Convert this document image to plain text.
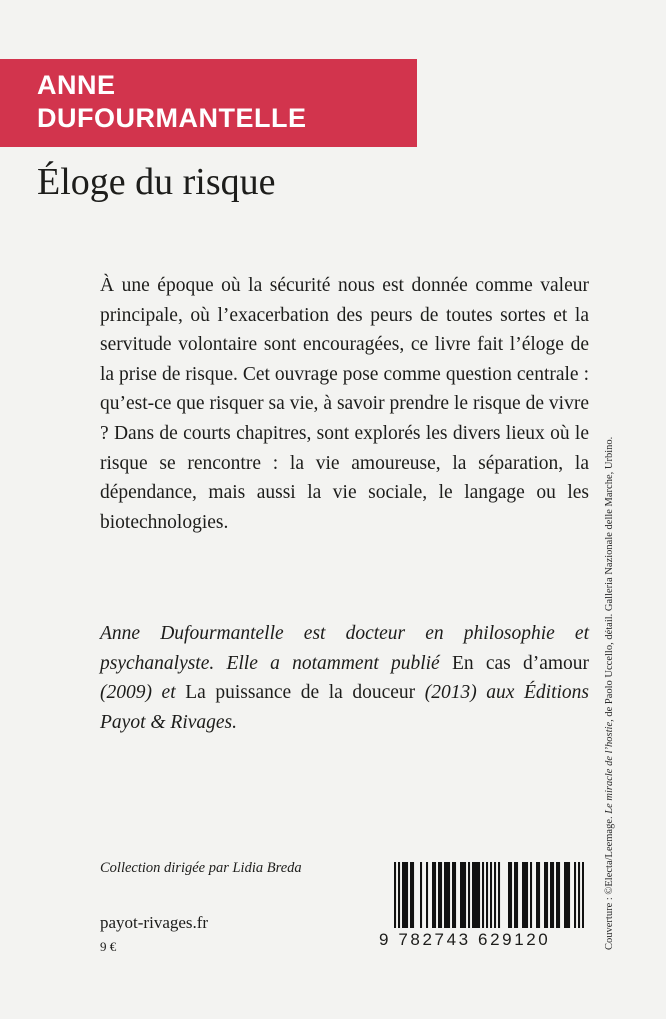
ANNE
DUFOURMANTELLE
Éloge du risque

À une époque où la sécurité nous est donnée comme valeur principale, où l’exacerbation des peurs de toutes sortes et la servitude volontaire sont encouragées, ce livre fait l’éloge de la prise de risque. Cet ouvrage pose comme question centrale : qu’est-ce que risquer sa vie, à savoir prendre le risque de vivre ? Dans de courts chapitres, sont explorés les divers lieux où le risque se rencontre : la vie amoureuse, la séparation, la dépendance, mais aussi la vie sociale, le langage ou les biotechnologies.

Anne Dufourmantelle est docteur en philosophie et psychanalyste. Elle a notamment publié En cas d’amour (2009) et La puissance de la douceur (2013) aux Éditions Payot & Rivages.

Collection dirigée par Lidia Breda
payot-rivages.fr
9 €	Couverture : ©Electa/Leemage. Le miracle de l’hostie, de Paolo Uccello, détail. Galleria Nazionale delle Marche, Urbino.
9 782743 629120
